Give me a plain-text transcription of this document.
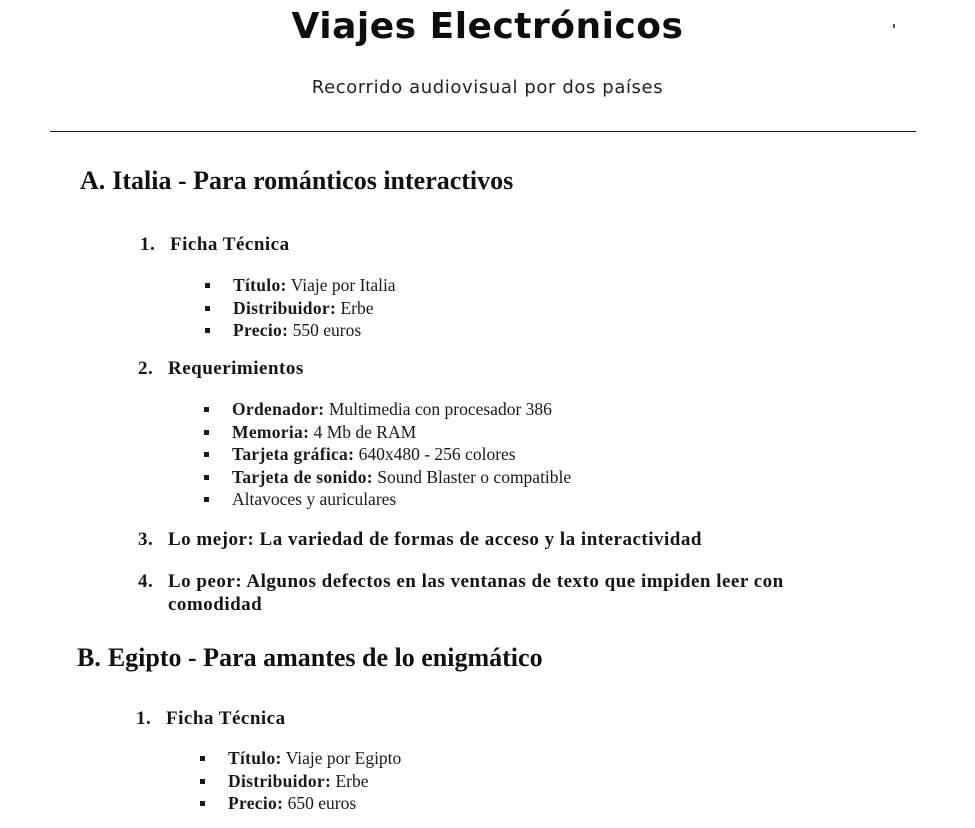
Viajes Electrónicos
Recorrido audiovisual por dos países
A. Italia - Para románticos interactivos
1. Ficha Técnica
Título: Viaje por Italia
Distribuidor: Erbe
Precio: 550 euros
2. Requerimientos
Ordenador: Multimedia con procesador 386
Memoria: 4 Mb de RAM
Tarjeta gráfica: 640x480 - 256 colores
Tarjeta de sonido: Sound Blaster o compatible
Altavoces y auriculares
3. Lo mejor: La variedad de formas de acceso y la interactividad
4. Lo peor: Algunos defectos en las ventanas de texto que impiden leer con comodidad
B. Egipto - Para amantes de lo enigmático
1. Ficha Técnica
Título: Viaje por Egipto
Distribuidor: Erbe
Precio: 650 euros
